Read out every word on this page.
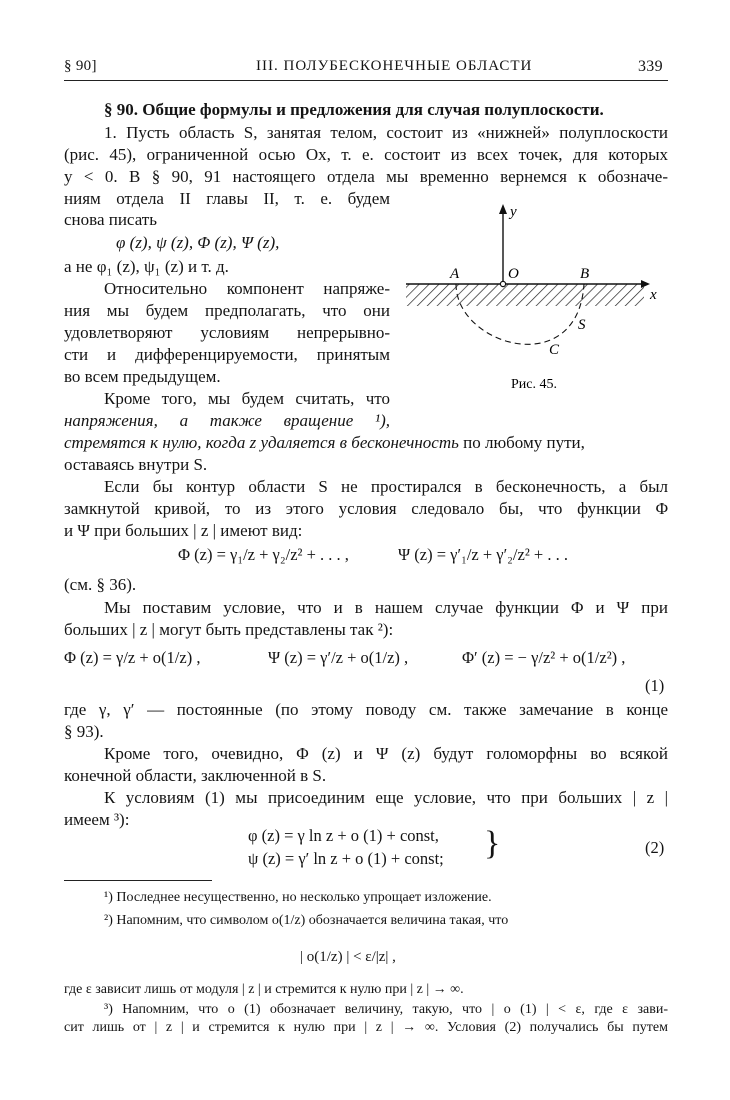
§ 90]	III. ПОЛУБЕСКОНЕЧНЫЕ ОБЛАСТИ	339
§ 90. Общие формулы и предложения для случая полуплоскости.
1. Пусть область S, занятая телом, состоит из «нижней» полуплоскости
(рис. 45), ограниченной осью Ox, т. е. состоит из всех точек, для которых
y < 0. В § 90, 91 настоящего отдела мы временно вернемся к обозначе-
ниям отдела II главы II, т. е. будем
снова писать
φ (z), ψ (z), Φ (z), Ψ (z),
а не φ₁ (z), ψ₁ (z) и т. д.
Относительно компонент напряже-
ния мы будем предполагать, что они
удовлетворяют условиям непрерывно-
сти и дифференцируемости, принятым
во всем предыдущем.
Кроме того, мы будем считать, что
напряжения, а также вращение ¹),
стремятся к нулю, когда z удаляется в бесконечность по любому пути,
оставаясь внутри S.
Если бы контур области S не простирался в бесконечность, а был
замкнутой кривой, то из этого условия следовало бы, что функции Φ
и Ψ при больших | z | имеют вид:
Φ (z) = γ₁/z + γ₂/z² + . . . ,	Ψ (z) = γ′₁/z + γ′₂/z² + . . .
(см. § 36).
Мы поставим условие, что и в нашем случае функции Φ и Ψ при
больших | z | могут быть представлены так ²):
Φ (z) = γ/z + o(1/z) ,	Ψ (z) = γ′/z + o(1/z) ,	Φ′ (z) = − γ/z² + o(1/z²) ,
(1)
где γ, γ′ — постоянные (по этому поводу см. также замечание в конце
§ 93).
Кроме того, очевидно, Φ (z) и Ψ (z) будут голоморфны во всякой
конечной области, заключенной в S.
К условиям (1) мы присоединим еще условие, что при больших | z |
имеем ³):
φ (z) = γ ln z + o (1) + const,
ψ (z) = γ′ ln z + o (1) + const; }	(2)
¹) Последнее несущественно, но несколько упрощает изложение.
²) Напомним, что символом o(1/z) обозначается величина такая, что
| o(1/z) | < ε/|z| ,
где ε зависит лишь от модуля | z | и стремится к нулю при | z | → ∞.
³) Напомним, что o (1) обозначает величину, такую, что | o (1) | < ε, где ε зави-
сит лишь от | z | и стремится к нулю при | z | → ∞. Условия (2) получались бы путем
A	O	B
y
x
S
C
Рис. 45.
